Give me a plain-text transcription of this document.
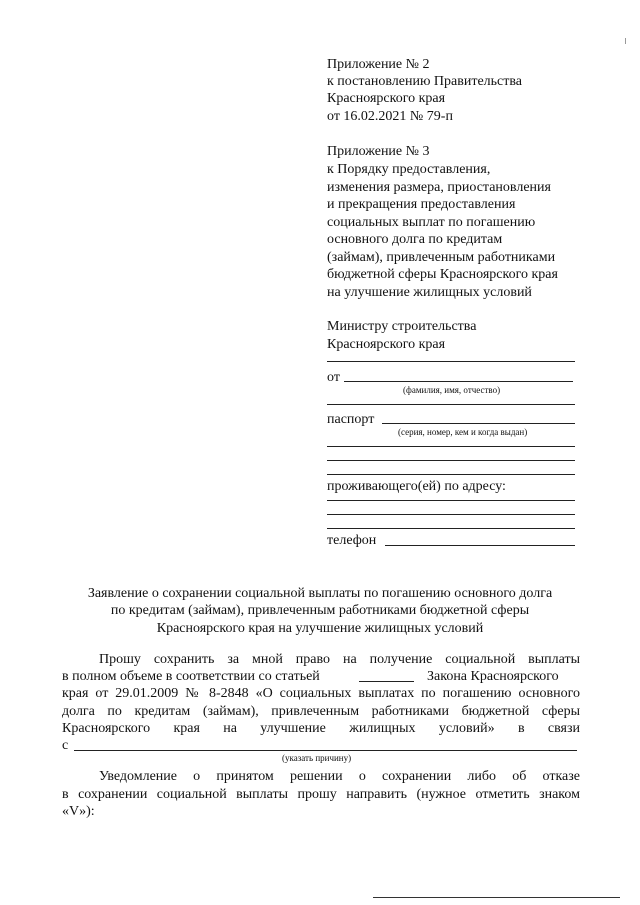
Приложение № 2
к постановлению Правительства
Красноярского края
от 16.02.2021 № 79-п
Приложение № 3
к Порядку предоставления,
изменения размера, приостановления
и прекращения предоставления
социальных выплат по погашению
основного долга по кредитам
(займам), привлеченным работниками
бюджетной сферы Красноярского края
на улучшение жилищных условий
Министру строительства
Красноярского края
от
(фамилия, имя, отчество)
паспорт
(серия, номер, кем и когда выдан)
проживающего(ей) по адресу:
телефон
Заявление о сохранении социальной выплаты по погашению основного долга
по кредитам (займам), привлеченным работниками бюджетной сферы
Красноярского края на улучшение жилищных условий
Прошу сохранить за мной право на получение социальной выплаты
в полном объеме в соответствии со статьей	Закона Красноярского
края от 29.01.2009 № 8-2848 «О социальных выплатах по погашению основного
долга по кредитам (займам), привлеченным работниками бюджетной сферы
Красноярского края на улучшение жилищных условий» в связи
с
(указать причину)
Уведомление о принятом решении о сохранении либо об отказе
в сохранении социальной выплаты прошу направить (нужное отметить знаком
«V»):
